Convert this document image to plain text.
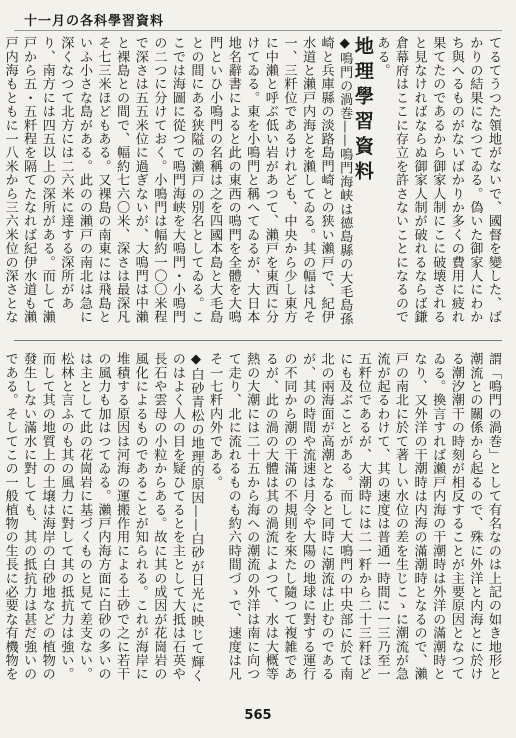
十一月の各科學習資料

てるてうつた領地がないで、國督を變した、ばかりの結果になつてゐる。偽いた御家人にわかち與へるものがないばかりか多くの費用に疲れ果てたのであるから御家人制にこに破壊されると見なければならぬ御家人制が破れるならば鎌倉幕府はここに存立を許さないことになるのである。

地理學習資料

◆鳴門の渦巻——鳴門海峡は德島縣の大毛島孫崎と兵庫縣の淡路島門崎との狭い瀨戸で、紀伊水道と瀨戸内海とを瀨してゐる。其の幅は凡そ一、三粁位であるけれども、中央から少し東方に中瀨と呼ぶ低い岩があつて、瀨戸を東西に分けてゐる。東を小鳴門と稱へてゐるが、大日本地名辭書によると此の東西の鳴門を全體を大鳴門といひ小鳴門の名稱は之を四國本島と大毛島との間にある狭隘の瀨戸の別名としてゐる。ここでは海圖に從つて鳴門海峡を大鳴門・小鳴門の二つに分けておく。小鳴門は幅約一〇〇米程で深さは五五米位に過ぎないが、大鳴門は中瀨と裸島との間で、幅約七六〇米、深さは最深凡そ七三米ほどもある。又裸島の南東には飛島といふ小さな島がある。此のの瀨戸の南北は急に深くなつて北方には二六米に達する深所があり、南方には四五以上の深所がある。而して瀨戸から五・五粁程を隔てたなれば紀伊水道も瀨戸内海もともに一八米から三六米位の深さとな

謂「鳴門の渦巻」として有名なのは上記の如き地形と潮流との關係から起るので、殊に外洋と内海とに於ける潮汐潮干の時刻が相反することが主要原因となつてゐる。換言すれば瀨戸内海の干潮時は外洋の滿潮時となり、又外洋の干潮時は内海の滿潮時となるので、瀨戸の南北に於て著しい水位の差を生じこゝに潮流が急流が起るわけて、其の速度は普通一時間に一三乃至一五粁位であるが、大潮時には二一粁から二十三粁ほどにも及ぶことがある。而して大鳴門の中央部に於て南北の兩海面が高潮となると同時に潮流は止むのであるが、其の時間や流速は月令や大陽の地球に對する運行の不同から潮の干滿の不規則を來たし隨つて複雑であるが、此の渦の大體は其の渦流によつて、水は大概等熱の大潮には二十五から海への潮流の外洋は南に向つて走り、北に流れるものも約六時間づゝで、速度は凡そ一七粁内外である。

◆白砂青松の地理的原因——白砂が日光に映じて輝くのはよく人の目を疑ひてるとを主として大抵は石英や長石や雲母の小粒からある。故に其の成因が花崗岩の風化によるものであることが知られる。これが海岸に堆積する原因は河海の運搬作用による土砂で之に若干の風力も加はつてゐる。瀨戸内海方面に白砂の多いのは主として此の花崗岩に基づくものと見て差支ない。松林と言ふのも其の風力に對して其の抵抗力は強い。而して其の地質上の土壌は海岸の白砂地などの植物の發生しない滿水に對しても、其の抵抗力は甚だ強いのである。そしてこの一般植物の生長に必要な有機物を

565
